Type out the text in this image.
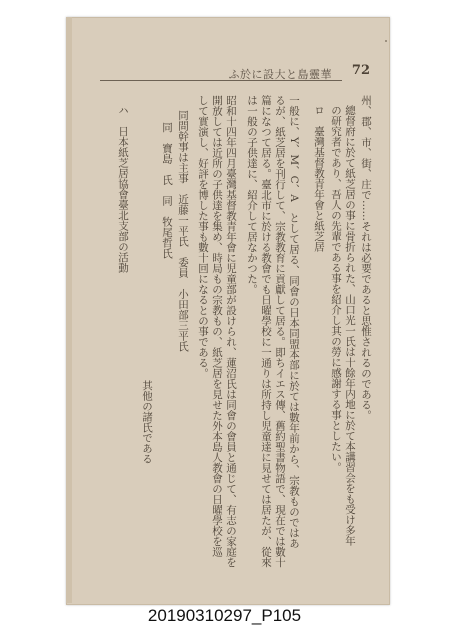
ふ於に設大と島靈華 72
州、郡、市、街、庄で……それは必要であると思惟されるのである。
總督府に於て紙芝居の事に骨折られた、山口光一氏は十餘年内地に於て本講習会をも受け多年
の研究者であり、吾人の先輩である事を紹介し其の勞に感謝する事としたい。
ロ　臺灣基督教青年會と紙芝居
一般に、Y、M、C、A　として居る、同會の日本同盟本部に於ては數年前から、宗教ものではあ
るが、紙芝居を刊行して、宗教教育に貢獻して居る。即ちイエス傳、舊約聖書物語で、現在では數十
篇になつて居る。臺北市に於ける教會でも日曜學校に一通りは所持し児童達に見せては居たが、從來
は一般の子供達に、紹介して居なかつた。
昭和十四年四月臺灣基督教青年會に児童部が設けられ、蓮沼氏は同會の會員と通じて、有志の家庭を
開放しては近所の子供達を集め、時局もの宗教もの、紙芝居を見せた外本島人教會の日曜學校を巡
して實演し、好評を博した事も數十回になるとの事である。
同問幹事は主事　近藤一平氏　委員　小田部三平氏
同　寶島　氏　同　牧尾哲氏
其他の諸氏である
ハ　日本紙芝居協會臺北支部の活動
20190310297_P105
